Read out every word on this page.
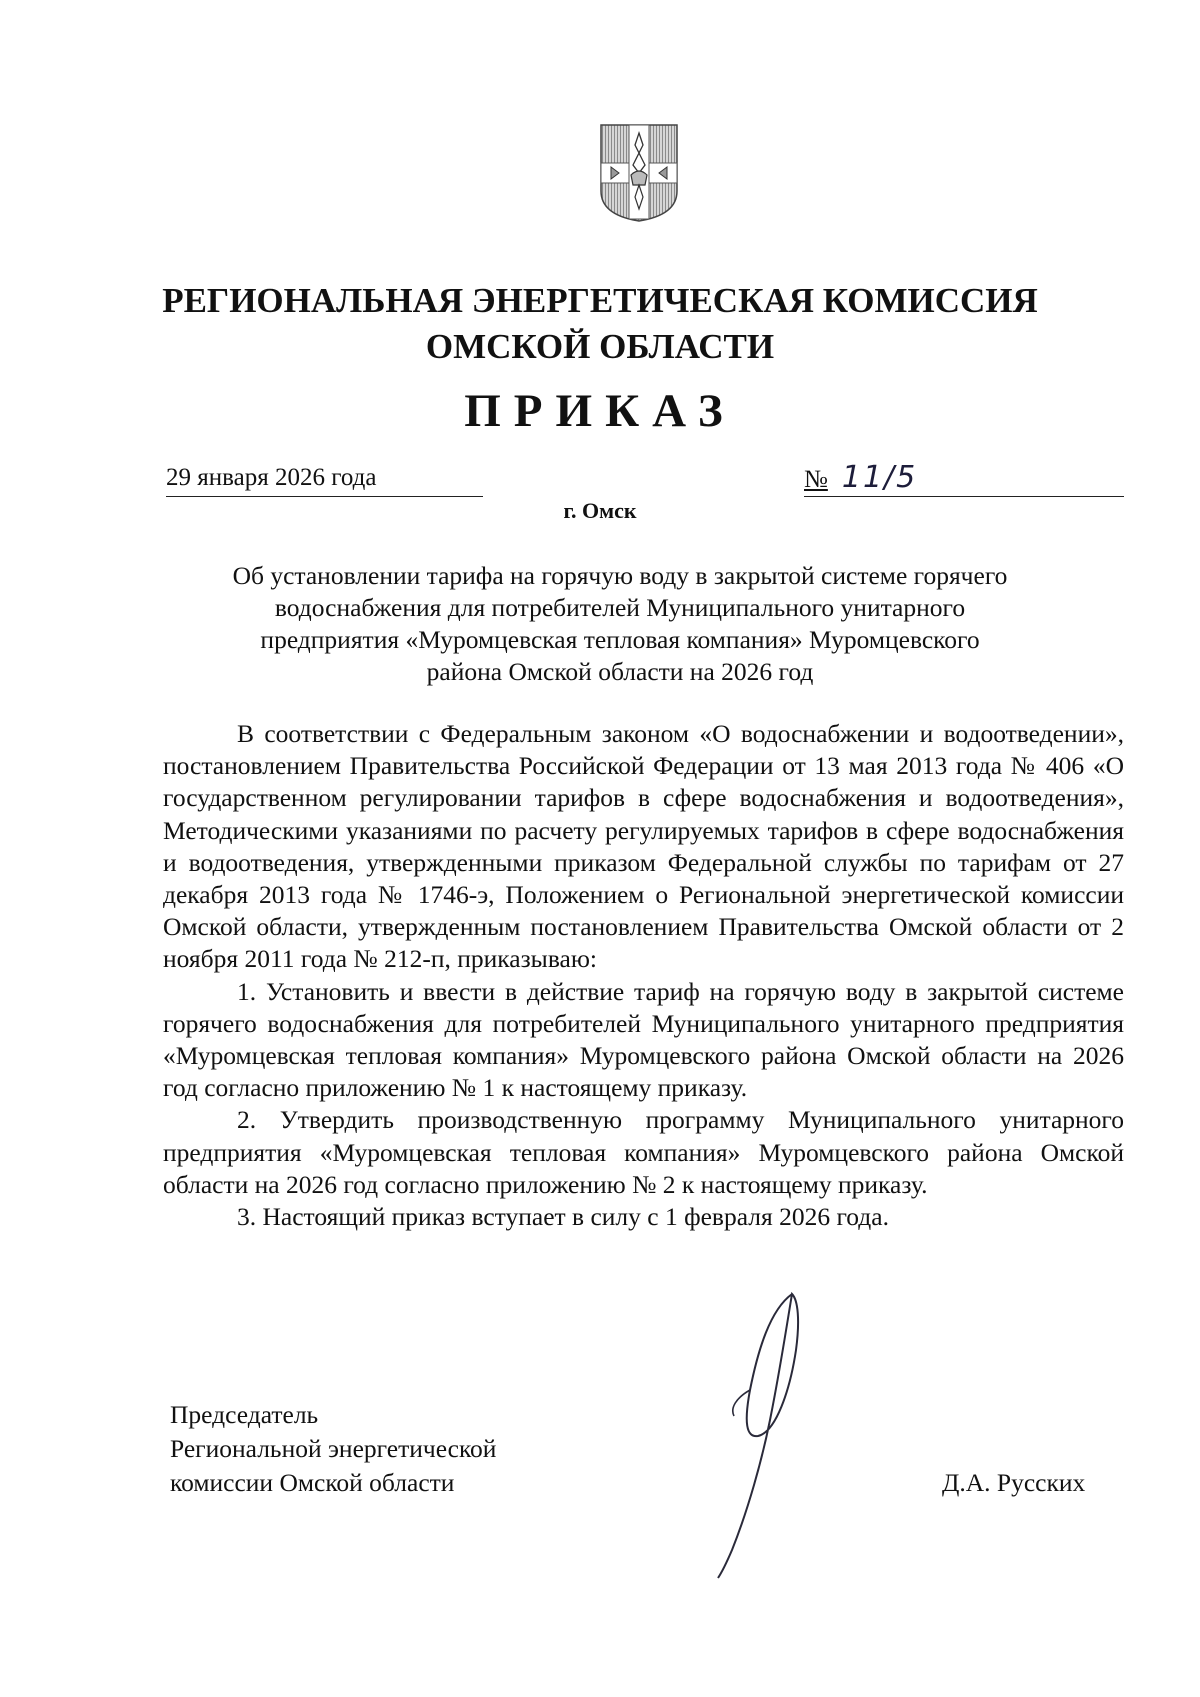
РЕГИОНАЛЬНАЯ ЭНЕРГЕТИЧЕСКАЯ КОМИССИЯ
ОМСКОЙ ОБЛАСТИ
ПРИКАЗ
29 января 2026 года	№ 11/5
г. Омск
Об установлении тарифа на горячую воду в закрытой системе горячего
водоснабжения для потребителей Муниципального унитарного
предприятия «Муромцевская тепловая компания» Муромцевского
района Омской области на 2026 год

В соответствии с Федеральным законом «О водоснабжении и водоотведении», постановлением Правительства Российской Федерации от 13 мая 2013 года № 406 «О государственном регулировании тарифов в сфере водоснабжения и водоотведения», Методическими указаниями по расчету регулируемых тарифов в сфере водоснабжения и водоотведения, утвержденными приказом Федеральной службы по тарифам от 27 декабря 2013 года № 1746-э, Положением о Региональной энергетической комиссии Омской области, утвержденным постановлением Правительства Омской области от 2 ноября 2011 года № 212-п, приказываю:

1. Установить и ввести в действие тариф на горячую воду в закрытой системе горячего водоснабжения для потребителей Муниципального унитарного предприятия «Муромцевская тепловая компания» Муромцевского района Омской области на 2026 год согласно приложению № 1 к настоящему приказу.

2. Утвердить производственную программу Муниципального унитарного предприятия «Муромцевская тепловая компания» Муромцевского района Омской области на 2026 год согласно приложению № 2 к настоящему приказу.

3. Настоящий приказ вступает в силу с 1 февраля 2026 года.

Председатель
Региональной энергетической
комиссии Омской области	Д.А. Русских
